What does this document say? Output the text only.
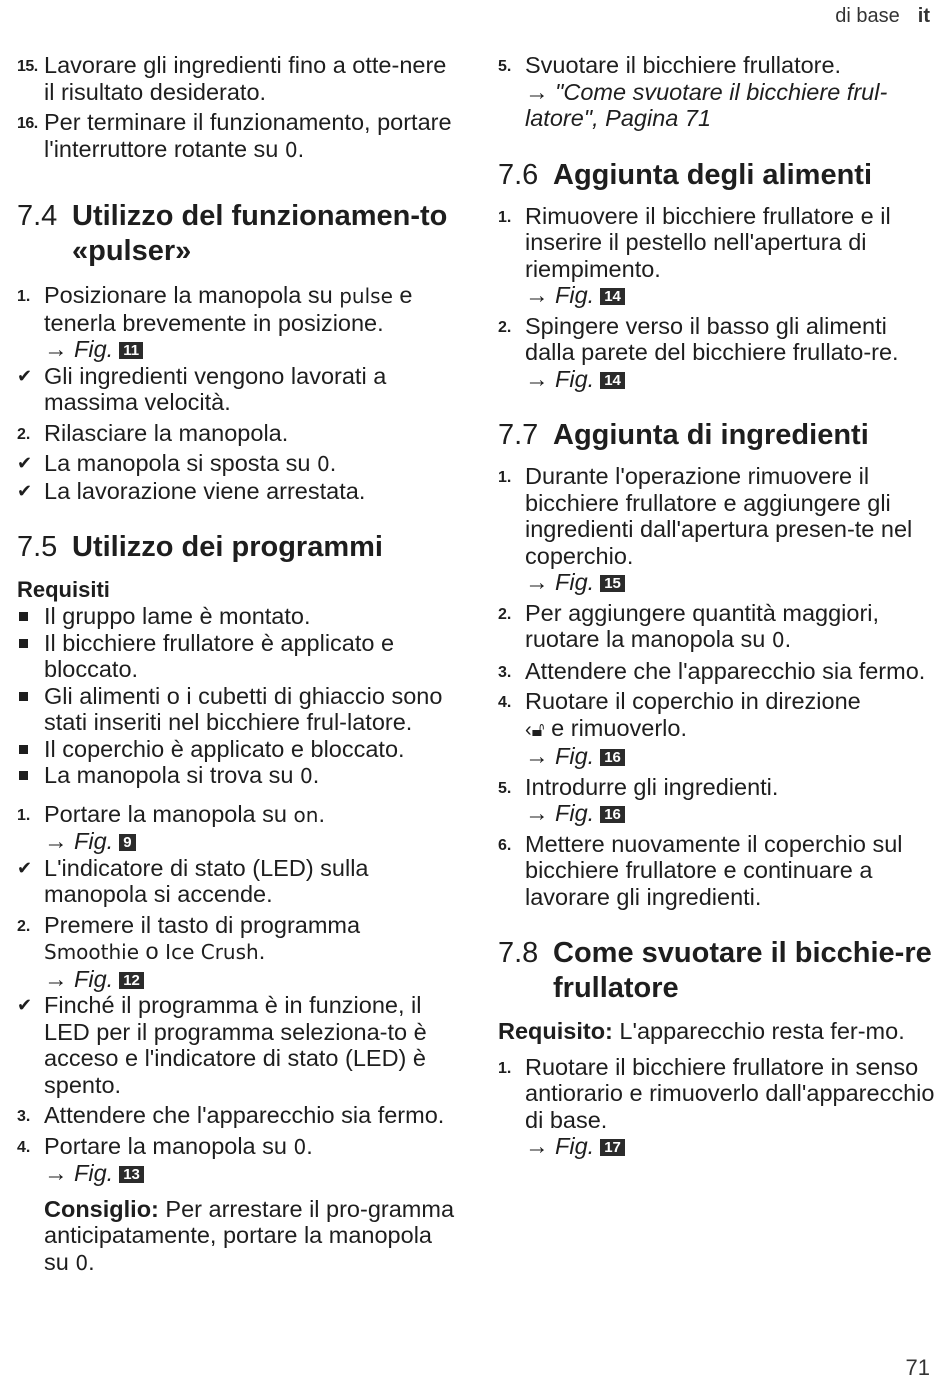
di base it
15. Lavorare gli ingredienti fino a otte-nere il risultato desiderato.
16. Per terminare il funzionamento, portare l'interruttore rotante su 0.
7.4 Utilizzo del funzionamen-to «pulser»
1. Posizionare la manopola su pulse e tenerla brevemente in posizione.
→ Fig. 11
✔ Gli ingredienti vengono lavorati a massima velocità.
2. Rilasciare la manopola.
✔ La manopola si sposta su 0.
✔ La lavorazione viene arrestata.
7.5 Utilizzo dei programmi
Requisiti
Il gruppo lame è montato.
Il bicchiere frullatore è applicato e bloccato.
Gli alimenti o i cubetti di ghiaccio sono stati inseriti nel bicchiere frul-latore.
Il coperchio è applicato e bloccato.
La manopola si trova su 0.
1. Portare la manopola su on.
→ Fig. 9
✔ L'indicatore di stato (LED) sulla manopola si accende.
2. Premere il tasto di programma
Smoothie o Ice Crush.
→ Fig. 12
✔ Finché il programma è in funzione, il LED per il programma seleziona-to è acceso e l'indicatore di stato (LED) è spento.
3. Attendere che l'apparecchio sia fermo.
4. Portare la manopola su 0.
→ Fig. 13
Consiglio: Per arrestare il pro-gramma anticipatamente, portare la manopola su 0.
5. Svuotare il bicchiere frullatore.
→ "Come svuotare il bicchiere frul-latore", Pagina 71
7.6 Aggiunta degli alimenti
1. Rimuovere il bicchiere frullatore e il inserire il pestello nell'apertura di riempimento.
→ Fig. 14
2. Spingere verso il basso gli alimenti dalla parete del bicchiere frullato-re.
→ Fig. 14
7.7 Aggiunta di ingredienti
1. Durante l'operazione rimuovere il bicchiere frullatore e aggiungere gli ingredienti dall'apertura presen-te nel coperchio.
→ Fig. 15
2. Per aggiungere quantità maggiori, ruotare la manopola su 0.
3. Attendere che l'apparecchio sia fermo.
4. Ruotare il coperchio in direzione
‹🔓︎ e rimuoverlo.
→ Fig. 16
5. Introdurre gli ingredienti.
→ Fig. 16
6. Mettere nuovamente il coperchio sul bicchiere frullatore e continuare a lavorare gli ingredienti.
7.8 Come svuotare il bicchie-re frullatore
Requisito: L'apparecchio resta fer-mo.
1. Ruotare il bicchiere frullatore in senso antiorario e rimuoverlo dall'apparecchio di base.
→ Fig. 17
71
